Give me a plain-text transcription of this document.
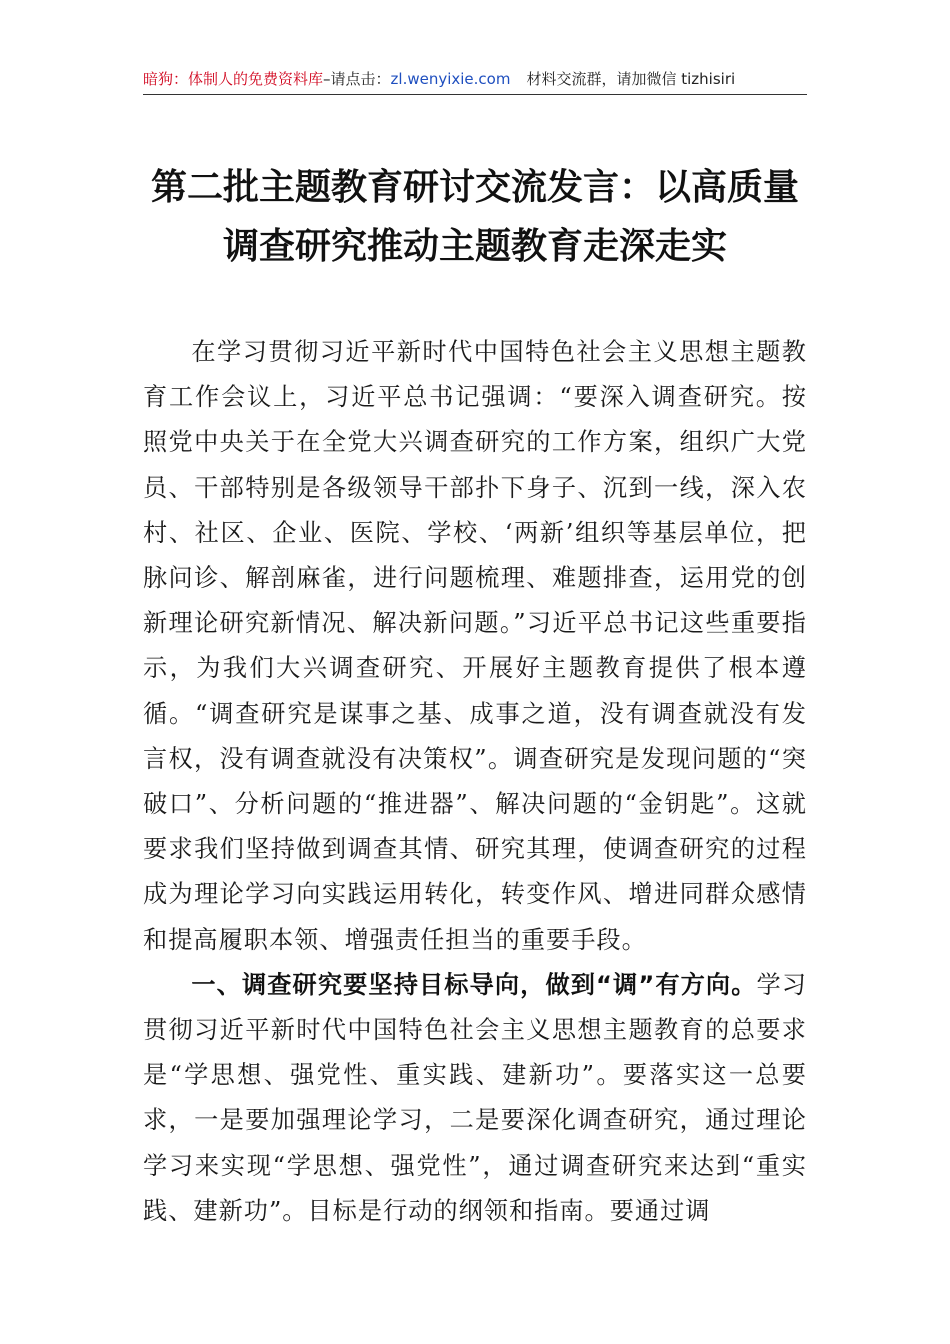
暗狗：体制人的免费资料库–请点击：zl.wenyixie.com 材料交流群，请加微信 tizhisiri
第二批主题教育研讨交流发言：以高质量
调查研究推动主题教育走深走实

在学习贯彻习近平新时代中国特色社会主义思想主题教育工作会议上，习近平总书记强调：“要深入调查研究。按照党中央关于在全党大兴调查研究的工作方案，组织广大党员、干部特别是各级领导干部扑下身子、沉到一线，深入农村、社区、企业、医院、学校、‘两新’组织等基层单位，把脉问诊、解剖麻雀，进行问题梳理、难题排查，运用党的创新理论研究新情况、解决新问题。”习近平总书记这些重要指示，为我们大兴调查研究、开展好主题教育提供了根本遵循。“调查研究是谋事之基、成事之道，没有调查就没有发言权，没有调查就没有决策权”。调查研究是发现问题的“突破口”、分析问题的“推进器”、解决问题的“金钥匙”。这就要求我们坚持做到调查其情、研究其理，使调查研究的过程成为理论学习向实践运用转化，转变作风、增进同群众感情和提高履职本领、增强责任担当的重要手段。

一、调查研究要坚持目标导向，做到“调”有方向。学习贯彻习近平新时代中国特色社会主义思想主题教育的总要求是“学思想、强党性、重实践、建新功”。要落实这一总要求，一是要加强理论学习，二是要深化调查研究，通过理论学习来实现“学思想、强党性”，通过调查研究来达到“重实践、建新功”。目标是行动的纲领和指南。要通过调
